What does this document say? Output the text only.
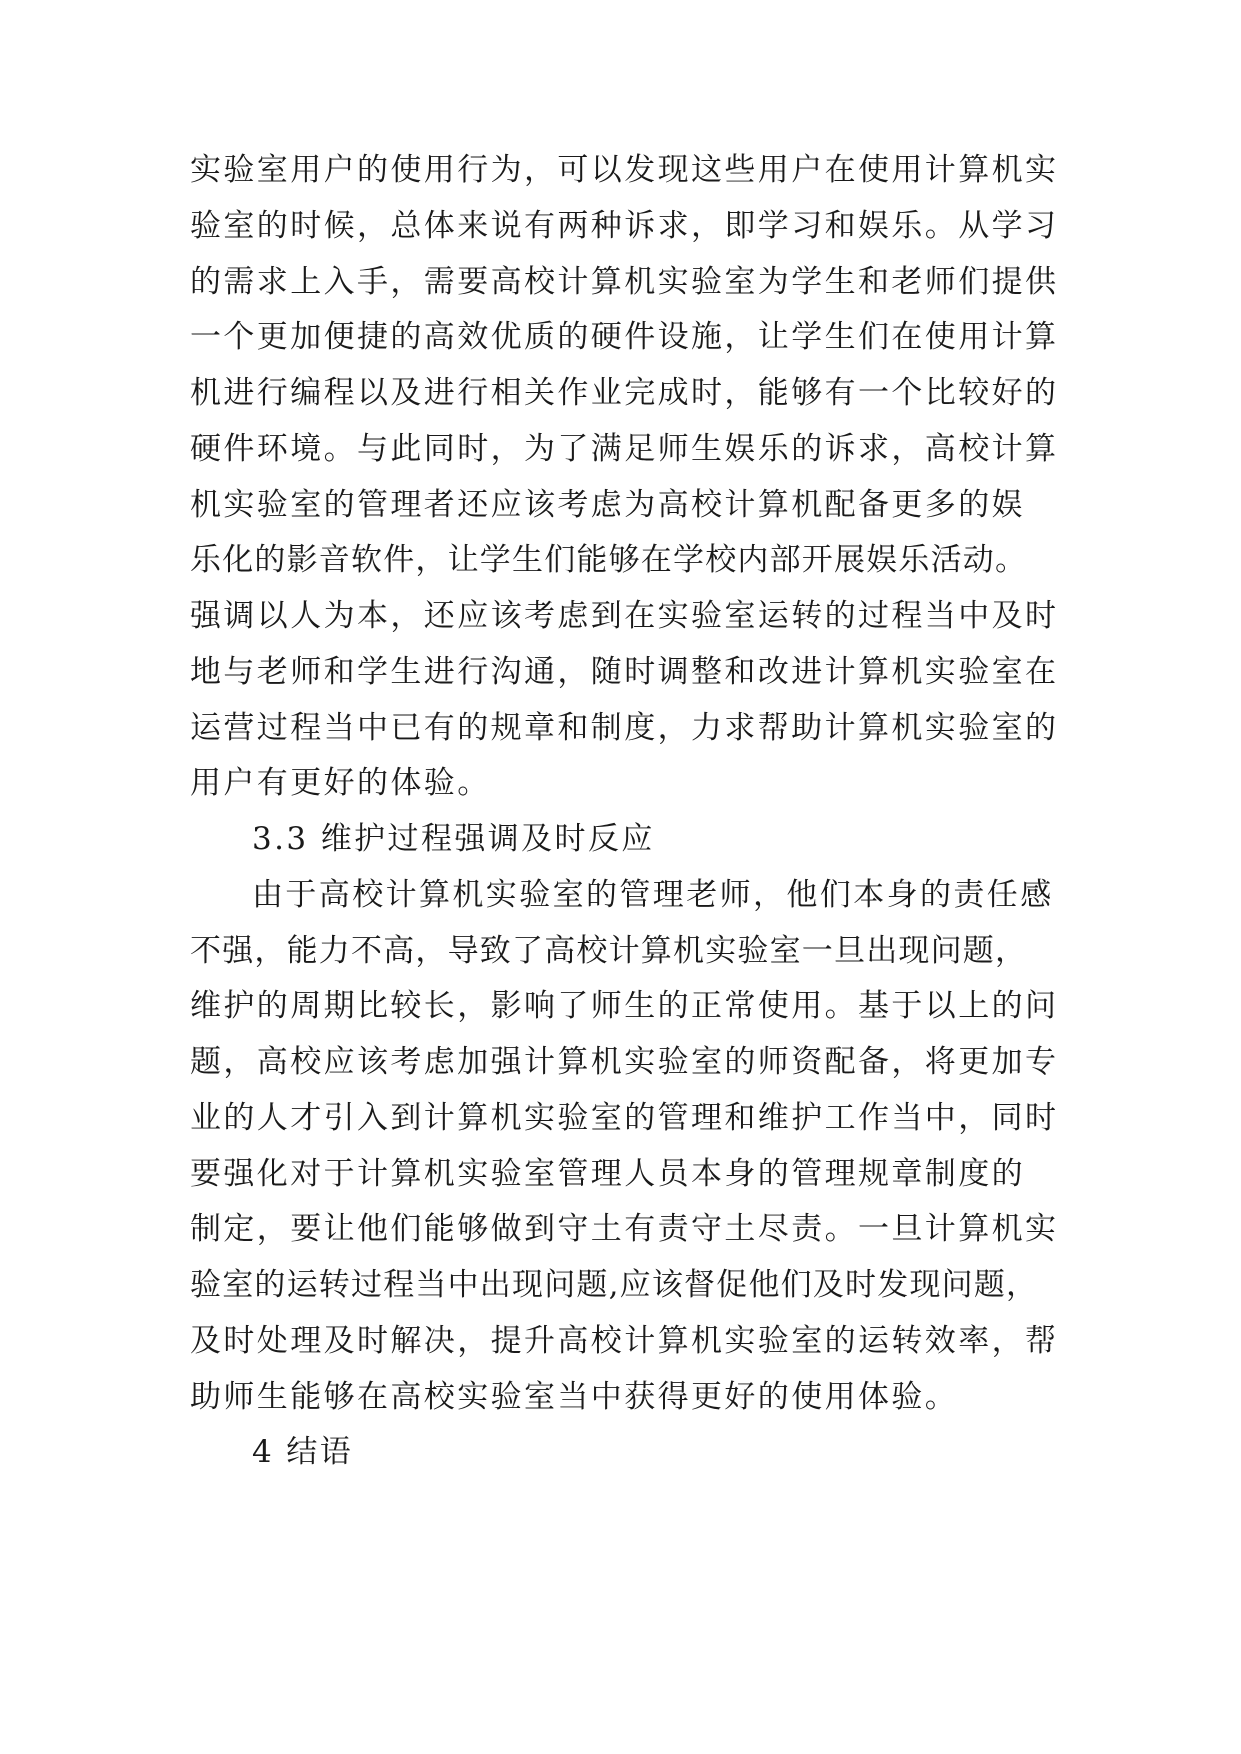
实验室用户的使用行为，可以发现这些用户在使用计算机实
验室的时候，总体来说有两种诉求，即学习和娱乐。从学习
的需求上入手，需要高校计算机实验室为学生和老师们提供
一个更加便捷的高效优质的硬件设施，让学生们在使用计算
机进行编程以及进行相关作业完成时，能够有一个比较好的
硬件环境。与此同时，为了满足师生娱乐的诉求，高校计算
机实验室的管理者还应该考虑为高校计算机配备更多的娱
乐化的影音软件，让学生们能够在学校内部开展娱乐活动。
强调以人为本，还应该考虑到在实验室运转的过程当中及时
地与老师和学生进行沟通，随时调整和改进计算机实验室在
运营过程当中已有的规章和制度，力求帮助计算机实验室的
用户有更好的体验。
3.3 维护过程强调及时反应
由于高校计算机实验室的管理老师，他们本身的责任感
不强，能力不高，导致了高校计算机实验室一旦出现问题，
维护的周期比较长，影响了师生的正常使用。基于以上的问
题，高校应该考虑加强计算机实验室的师资配备，将更加专
业的人才引入到计算机实验室的管理和维护工作当中，同时
要强化对于计算机实验室管理人员本身的管理规章制度的
制定，要让他们能够做到守土有责守土尽责。一旦计算机实
验室的运转过程当中出现问题,应该督促他们及时发现问题，
及时处理及时解决，提升高校计算机实验室的运转效率，帮
助师生能够在高校实验室当中获得更好的使用体验。
4 结语
